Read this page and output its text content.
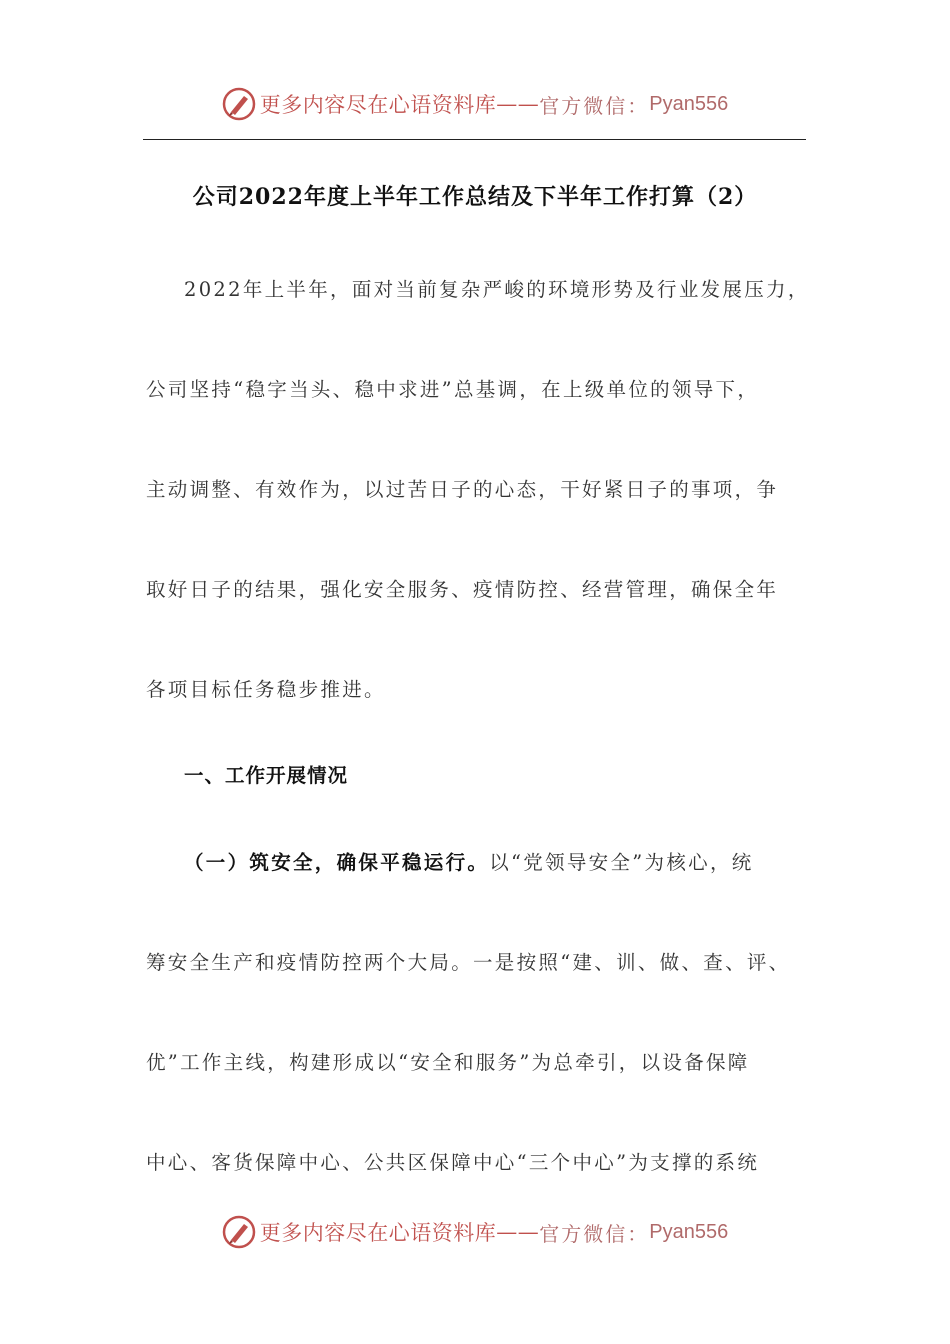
更多内容尽在心语资料库 —— 官方微信： Pyan556
公司2022年度上半年工作总结及下半年工作打算（2）
2022年上半年，面对当前复杂严峻的环境形势及行业发展压力，
公司坚持“稳字当头、稳中求进”总基调，在上级单位的领导下，
主动调整、有效作为，以过苦日子的心态，干好紧日子的事项，争
取好日子的结果，强化安全服务、疫情防控、经营管理，确保全年
各项目标任务稳步推进。
一、工作开展情况
（一）筑安全，确保平稳运行。以“党领导安全”为核心，统
筹安全生产和疫情防控两个大局。一是按照“建、训、做、查、评、
优”工作主线，构建形成以“安全和服务”为总牵引，以设备保障
中心、客货保障中心、公共区保障中心“三个中心”为支撑的系统
更多内容尽在心语资料库 —— 官方微信： Pyan556
